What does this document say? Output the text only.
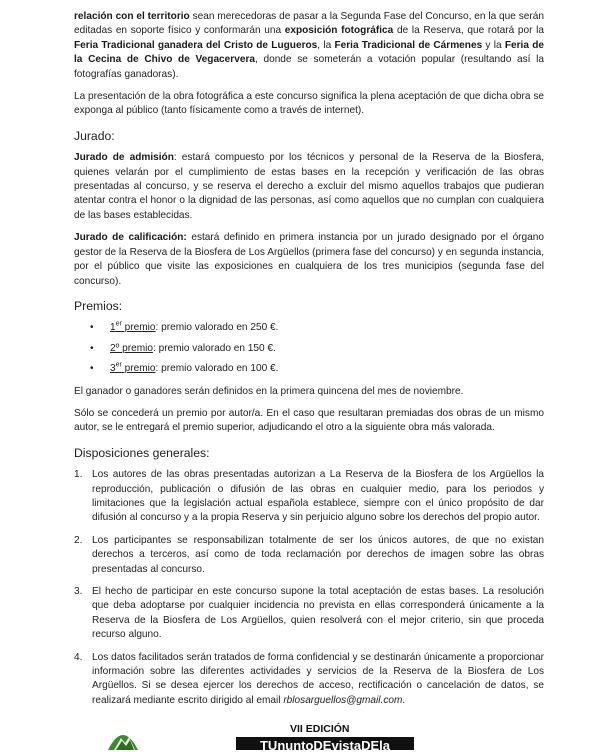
relación con el territorio sean merecedoras de pasar a la Segunda Fase del Concurso, en la que serán editadas en soporte físico y conformarán una exposición fotográfica de la Reserva, que rotará por la Feria Tradicional ganadera del Cristo de Lugueros, la Feria Tradicional de Cármenes y la Feria de la Cecina de Chivo de Vegacervera, donde se someterán a votación popular (resultando así la fotografías ganadoras).

La presentación de la obra fotográfica a este concurso significa la plena aceptación de que dicha obra se exponga al público (tanto físicamente como a través de internet).

Jurado:

Jurado de admisión: estará compuesto por los técnicos y personal de la Reserva de la Biosfera, quienes velarán por el cumplimiento de estas bases en la recepción y verificación de las obras presentadas al concurso, y se reserva el derecho a excluir del mismo aquellos trabajos que pudieran atentar contra el honor o la dignidad de las personas, así como aquellos que no cumplan con cualquiera de las bases establecidas.

Jurado de calificación: estará definido en primera instancia por un jurado designado por el órgano gestor de la Reserva de la Biosfera de Los Argüellos (primera fase del concurso) y en segunda instancia, por el público que visite las exposiciones en cualquiera de los tres municipios (segunda fase del concurso).

Premios:
• 1er premio: premio valorado en 250 €.
• 2º premio: premio valorado en 150 €.
• 3er premio: premio valorado en 100 €.

El ganador o ganadores serán definidos en la primera quincena del mes de noviembre.

Sólo se concederá un premio por autor/a. En el caso que resultaran premiadas dos obras de un mismo autor, se le entregará el premio superior, adjudicando el otro a la siguiente obra más valorada.

Disposiciones generales:
1. Los autores de las obras presentadas autorizan a La Reserva de la Biosfera de los Argüellos la reproducción, publicación o difusión de las obras en cualquier medio, para los periodos y limitaciones que la legislación actual española establece, siempre con el único propósito de dar difusión al concurso y a la propia Reserva y sin perjuicio alguno sobre los derechos del propio autor.
2. Los participantes se responsabilizan totalmente de ser los únicos autores, de que no existan derechos a terceros, así como de toda reclamación por derechos de imagen sobre las obras presentadas al concurso.
3. El hecho de participar en este concurso supone la total aceptación de estas bases. La resolución que deba adoptarse por cualquier incidencia no prevista en ellas corresponderá únicamente a la Reserva de la Biosfera de Los Argüellos, quien resolverá con el mejor criterio, sin que proceda recurso alguno.
4. Los datos facilitados serán tratados de forma confidencial y se destinarán únicamente a proporcionar información sobre las diferentes actividades y servicios de la Reserva de la Biosfera de Los Argüellos. Si se desea ejercer los derechos de acceso, rectificación o cancelación de datos, se realizará mediante escrito dirigido al email rblosarguellos@gmail.com.
VII EDICIÓN
TUnuntoDEvistaDEla
